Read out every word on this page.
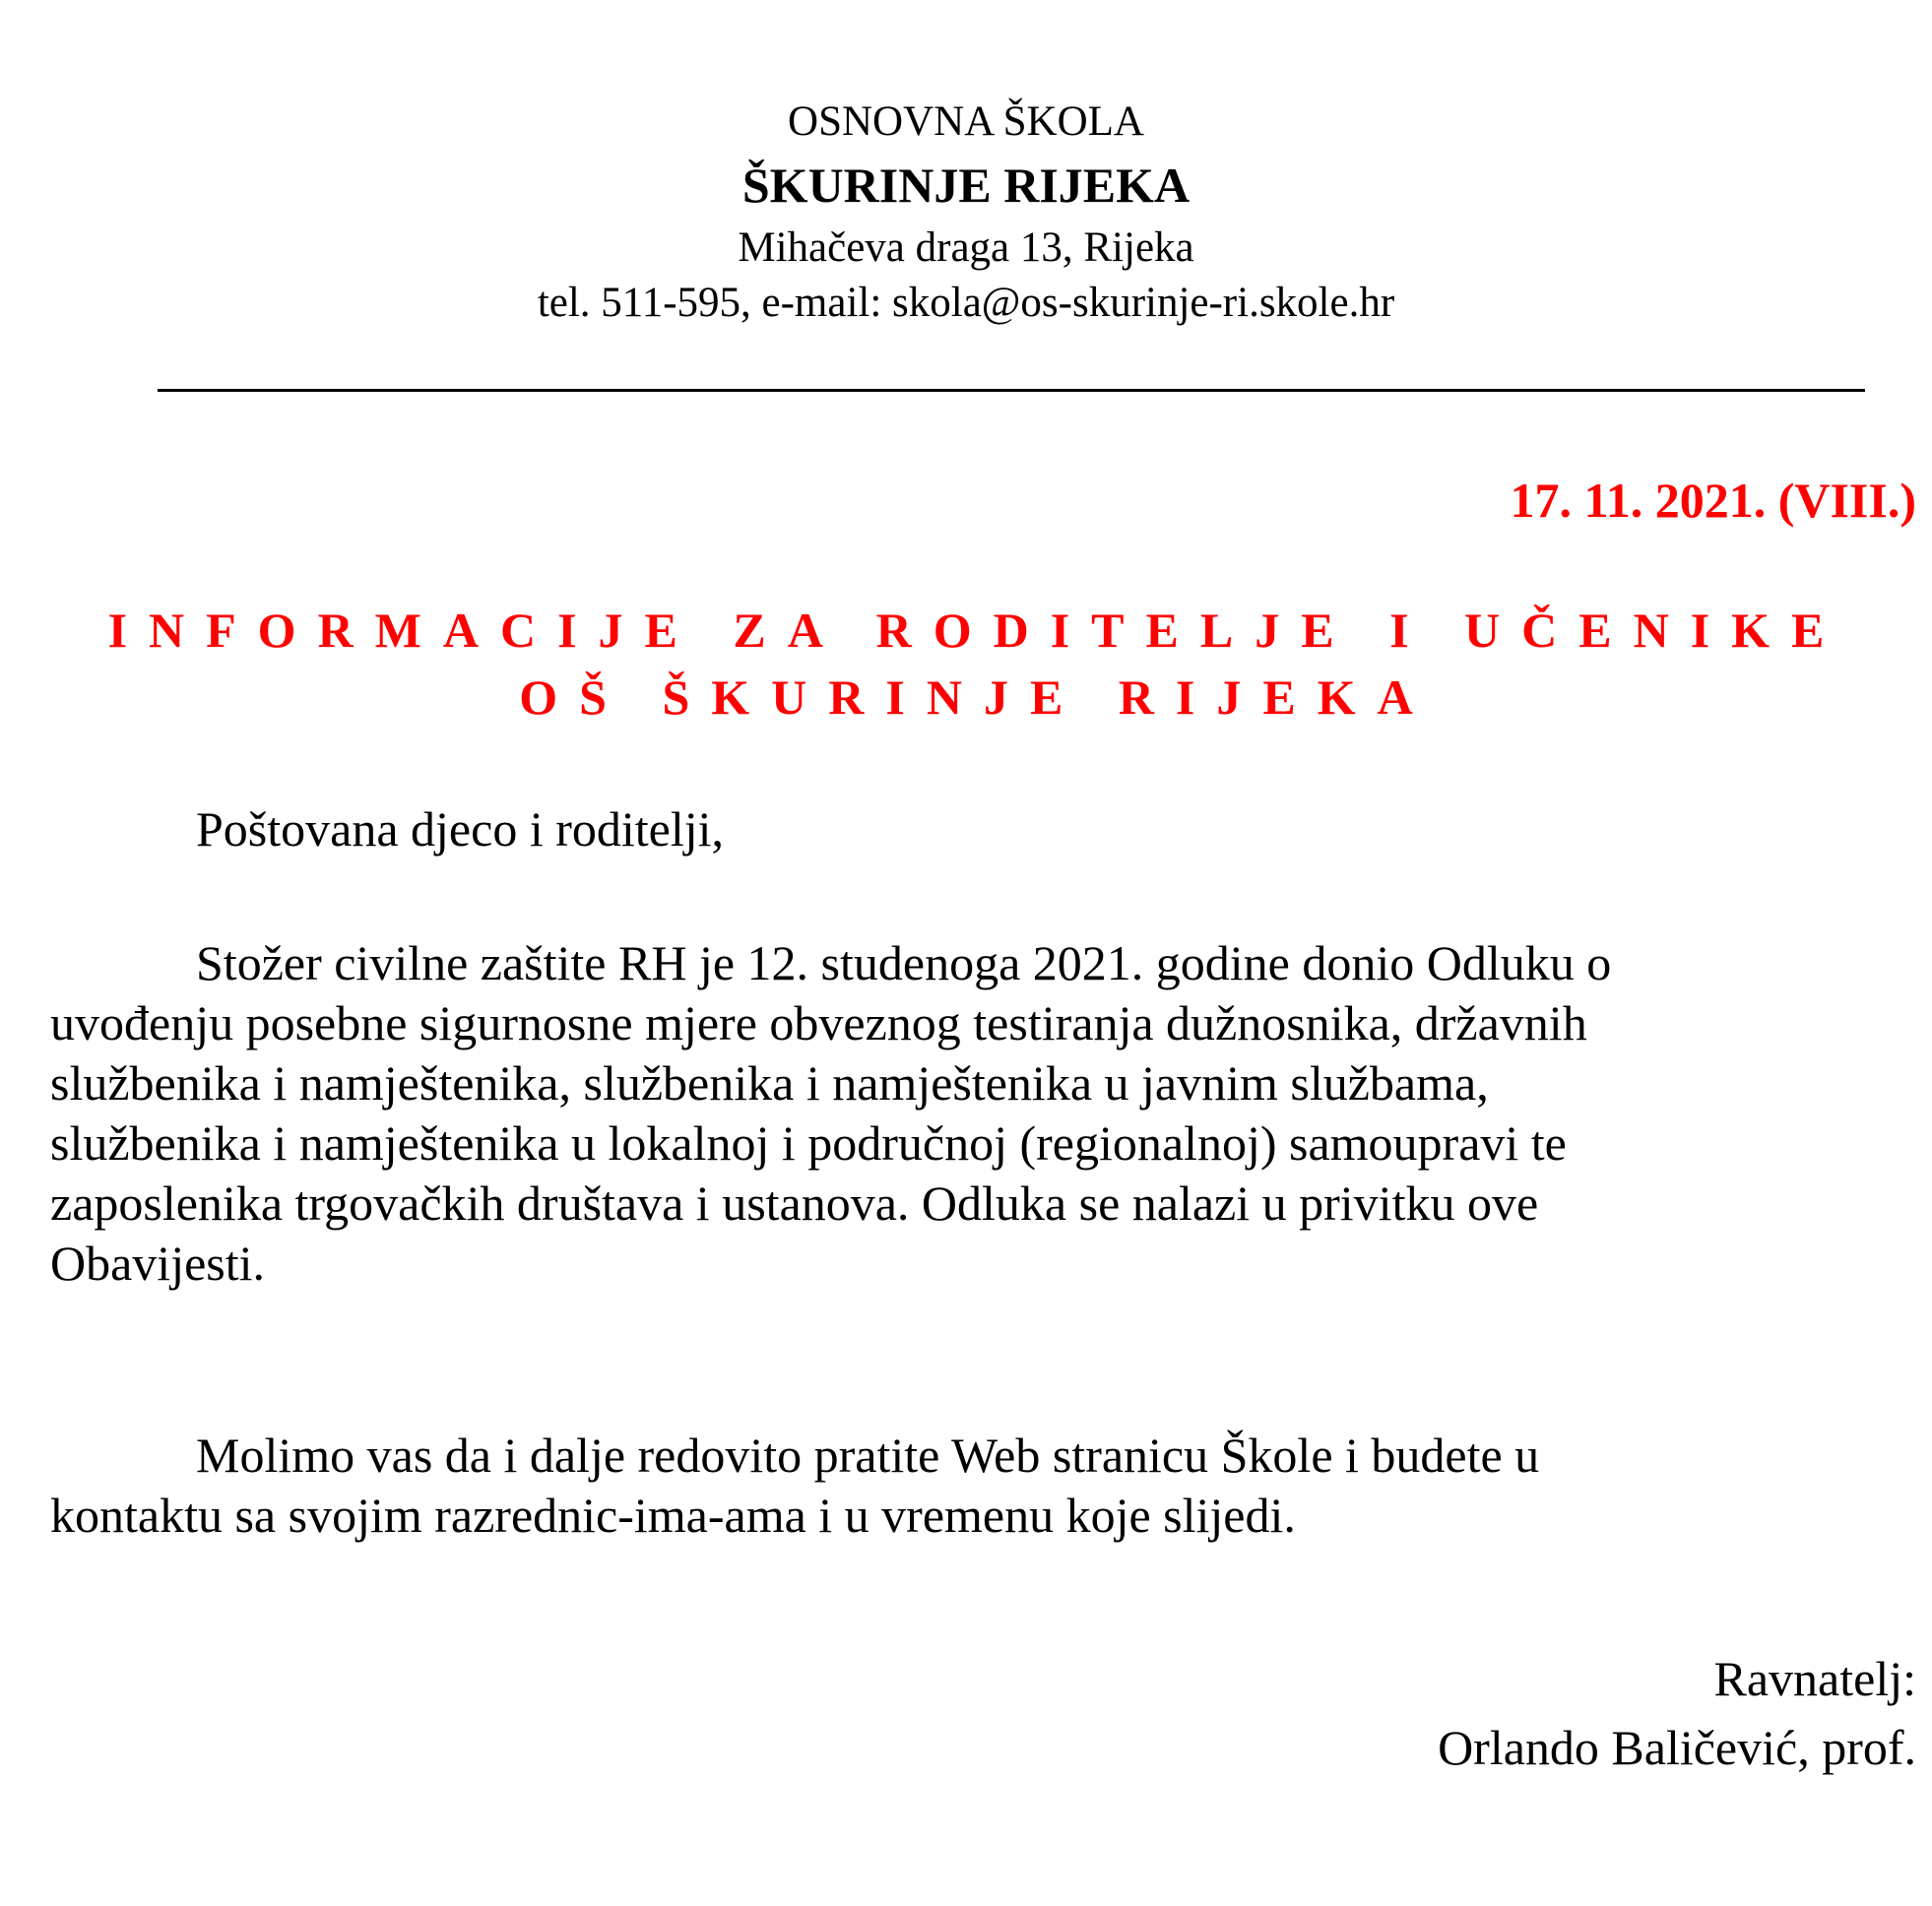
OSNOVNA ŠKOLA
ŠKURINJE RIJEKA
Mihačeva draga 13, Rijeka
tel. 511-595, e-mail: skola@os-skurinje-ri.skole.hr
17. 11. 2021. (VIII.)
INFORMACIJE ZA RODITELJE I UČENIKE
OŠ ŠKURINJE RIJEKA
Poštovana djeco i roditelji,
Stožer civilne zaštite RH je 12. studenoga 2021. godine donio Odluku o
uvođenju posebne sigurnosne mjere obveznog testiranja dužnosnika, državnih
službenika i namještenika, službenika i namještenika u javnim službama,
službenika i namještenika u lokalnoj i područnoj (regionalnoj) samoupravi te
zaposlenika trgovačkih društava i ustanova. Odluka se nalazi u privitku ove
Obavijesti.
Molimo vas da i dalje redovito pratite Web stranicu Škole i budete u
kontaktu sa svojim razrednic-ima-ama i u vremenu koje slijedi.
Ravnatelj:
Orlando Baličević, prof.
